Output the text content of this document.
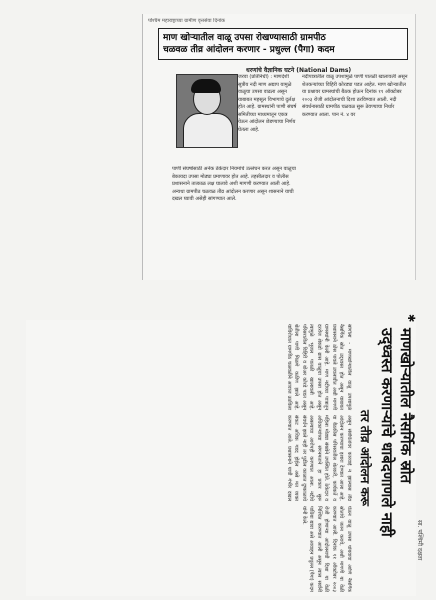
पश्चिम महाराष्ट्राच्या ग्रामीण वृत्तसेवा दिनांक
माण खोऱ्यातील वाळू उपसा रोखण्यासाठी ग्रामपीठ
चळवळ तीव्र आंदोलन करणार - प्रधुल्ल (पैगा) कदम
धरणांचे वैज्ञानिक घटने (National Dams)

जरवा (प्रतिनिधी) : माणदेशी सूत्रीय नदी माण अद्याप यामुळे वाळूचा उपसा वाढला असून याबाबत महसूल विभागाचे दुर्लक्ष होत आहे. ग्रामस्थांनी पाणी संघर्ष समितीच्या माध्यमातून एकत्र येऊन आंदोलन छेडण्याचा निर्णय घेतला आहे.

पाणी संघर्षासाठी अनेक ठेकेदार नियमांचे उल्लंघन करत असून वाळूचा बेकायदा उपसा मोठ्या प्रमाणावर होत आहे. तहसीलदार व पोलीस प्रशासनाने तात्काळ लक्ष घालावे अशी मागणी करण्यात आली आहे. अन्यथा ग्रामपीठ चळवळ तीव्र आंदोलन करणार असून शासनाने याची दखल घ्यावी असेही सांगण्यात आले.

नदीपात्रातील वाळू उपशामुळे पाणी पातळी खालावली असून शेतकऱ्यांच्या विहिरी कोरड्या पडत आहेत. माण खोऱ्यातील या प्रश्नावर ग्रामस्थांची बैठक होऊन दिनांक ११ ऑक्टोबर २००३ रोजी आंदोलनाची दिशा ठरविण्यात आली. नदी संवर्धनासाठी ग्रामपीठ चळवळ सुरू ठेवण्याचा निर्धार करण्यात आला. पान नं. ४ वर

सा. पश्चिमी दक्षता
✱
माणखोऱ्यातील नैसर्गिक स्रोत
उद्ध्वस्त करणाऱ्यांचे धाबेदणाणले नाही
तर तीव्र आंदोलन करू

सांगोला - माणखोऱ्यातील वाळू उपशामुळे नैसर्गिक स्रोत उद्ध्वस्त होत असून याबाबत प्रशासनाने ठोस पावले उचलावीत अशी मागणी ग्रामस्थांनी केली आहे. माण नदीच्या पात्रातून दररोज शेकडो ब्रास वाळूचा उपसा होत असून त्यामुळे भूजल पातळी खालावली आहे. परिसरातील विहिरी व बोअर कोरडे पडत असून शेतीला पाणी मिळणे कठीण झाले आहे. याविरोधात ग्रामपीठ चळवळीने आवाज उठविला असून संबंधितांवर कारवाई न झाल्यास तीव्र आंदोलन करण्याचा इशारा देण्यात आला आहे. या बैठकीस परिसरातील शेतकरी, कार्यकर्ते व महिला मोठ्या संख्येने उपस्थित होते. ठेकेदार व अधिकाऱ्यांच्या संगनमताने हा प्रकार सुरू असल्याचा आरोपही करण्यात आला. नदीचे संवर्धन झाले नाही तर पुढील काळात दुष्काळाचे संकट अधिक गडद होईल असे मत व्यक्त करण्यात आले. प्रशासनाने याची गंभीर दखल घेऊन वाळू उपसा थांबवावा आणि नैसर्गिक स्रोतांचे जतन करावे, अशी मागणी या वेळी करण्यात आली. दिनांक ११ ऑक्टोबर २००३ रोजी होणाऱ्या आंदोलनाची दिशा या वेळी निश्चित करण्यात आली असून त्यास सर्वांनी पाठिंबा द्यावा असे आवाहन प्रधुल्ल (पैगा) कदम यांनी केले.
